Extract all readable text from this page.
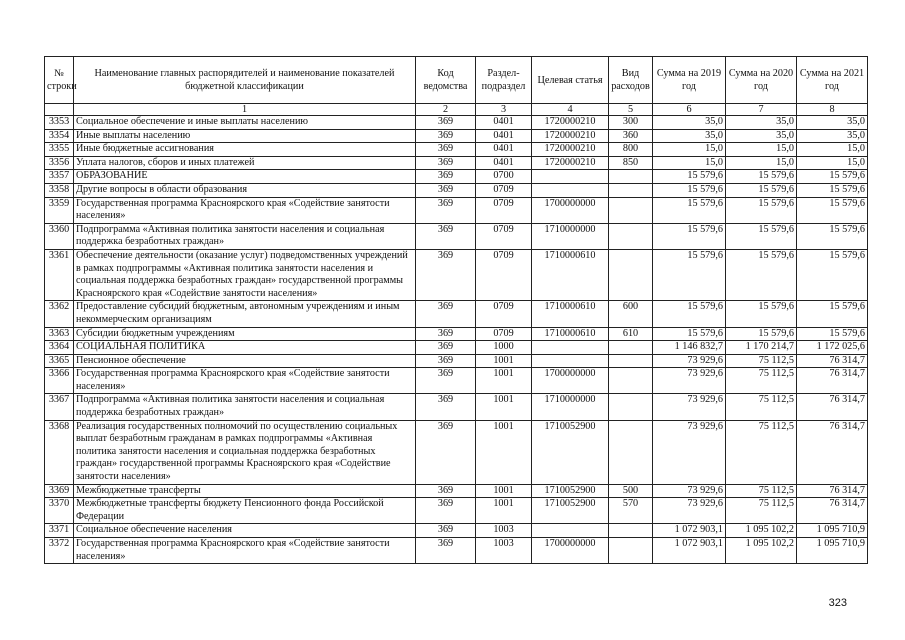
№ строки	Наименование главных распорядителей и наименование показателей бюджетной классификации	Код ведомства	Раздел-подраздел	Целевая статья	Вид расходов	Сумма на 2019 год	Сумма на 2020 год	Сумма на 2021 год
	1	2	3	4	5	6	7	8
3353	Социальное обеспечение и иные выплаты населению	369	0401	1720000210	300	35,0	35,0	35,0
3354	Иные выплаты населению	369	0401	1720000210	360	35,0	35,0	35,0
3355	Иные бюджетные ассигнования	369	0401	1720000210	800	15,0	15,0	15,0
3356	Уплата налогов, сборов и иных платежей	369	0401	1720000210	850	15,0	15,0	15,0
3357	ОБРАЗОВАНИЕ	369	0700			15 579,6	15 579,6	15 579,6
3358	Другие вопросы в области образования	369	0709			15 579,6	15 579,6	15 579,6
3359	Государственная программа Красноярского края «Содействие занятости населения»	369	0709	1700000000		15 579,6	15 579,6	15 579,6
3360	Подпрограмма «Активная политика занятости населения и социальная поддержка безработных граждан»	369	0709	1710000000		15 579,6	15 579,6	15 579,6
3361	Обеспечение деятельности (оказание услуг) подведомственных учреждений в рамках подпрограммы «Активная политика занятости населения и социальная поддержка безработных граждан» государственной программы Красноярского края «Содействие занятости населения»	369	0709	1710000610		15 579,6	15 579,6	15 579,6
3362	Предоставление субсидий бюджетным, автономным учреждениям и иным некоммерческим организациям	369	0709	1710000610	600	15 579,6	15 579,6	15 579,6
3363	Субсидии бюджетным учреждениям	369	0709	1710000610	610	15 579,6	15 579,6	15 579,6
3364	СОЦИАЛЬНАЯ ПОЛИТИКА	369	1000			1 146 832,7	1 170 214,7	1 172 025,6
3365	Пенсионное обеспечение	369	1001			73 929,6	75 112,5	76 314,7
3366	Государственная программа Красноярского края «Содействие занятости населения»	369	1001	1700000000		73 929,6	75 112,5	76 314,7
3367	Подпрограмма «Активная политика занятости населения и социальная поддержка безработных граждан»	369	1001	1710000000		73 929,6	75 112,5	76 314,7
3368	Реализация государственных полномочий по осуществлению социальных выплат безработным гражданам в рамках подпрограммы «Активная политика занятости населения и социальная поддержка безработных граждан» государственной программы Красноярского края «Содействие занятости населения»	369	1001	1710052900		73 929,6	75 112,5	76 314,7
3369	Межбюджетные трансферты	369	1001	1710052900	500	73 929,6	75 112,5	76 314,7
3370	Межбюджетные трансферты бюджету Пенсионного фонда Российской Федерации	369	1001	1710052900	570	73 929,6	75 112,5	76 314,7
3371	Социальное обеспечение населения	369	1003			1 072 903,1	1 095 102,2	1 095 710,9
3372	Государственная программа Красноярского края «Содействие занятости населения»	369	1003	1700000000		1 072 903,1	1 095 102,2	1 095 710,9
323
